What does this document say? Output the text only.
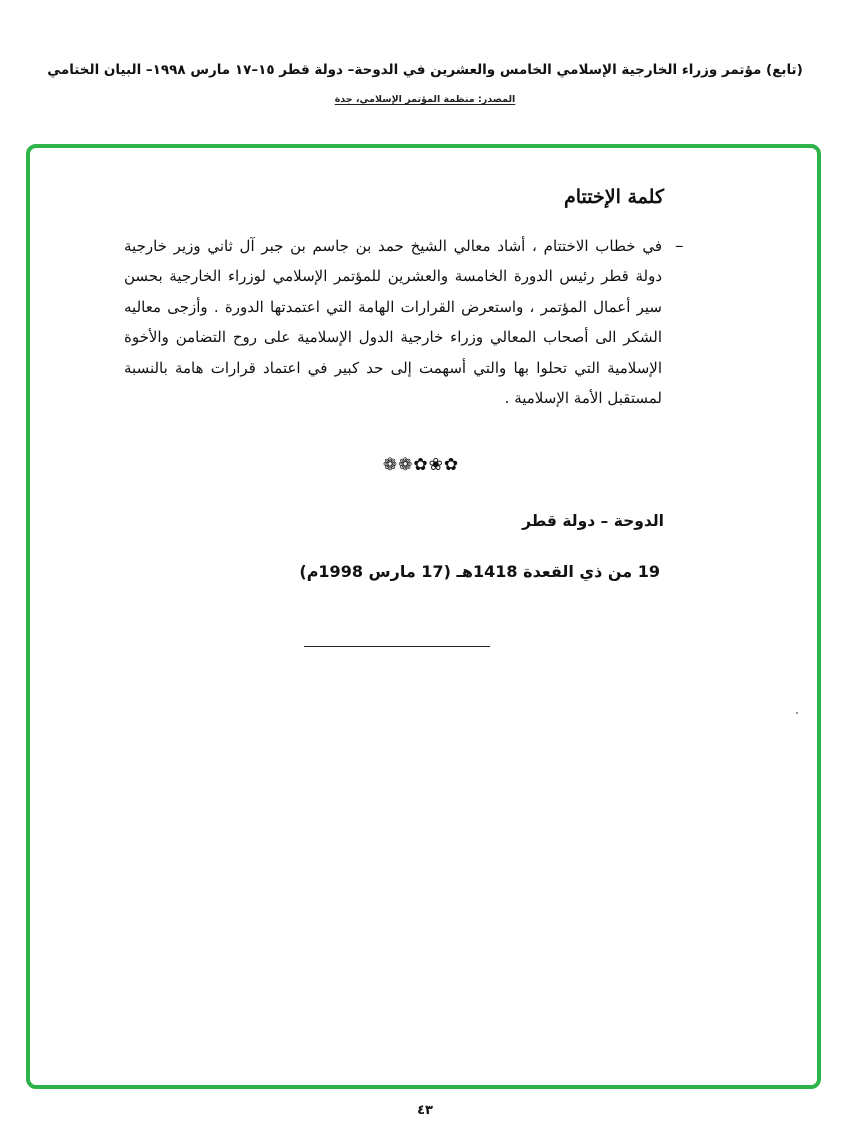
(تابع) مؤتمر وزراء الخارجية الإسلامي الخامس والعشرين في الدوحة– دولة قطر ١٥–١٧ مارس ١٩٩٨– البيان الختامي
المصدر: منظمة المؤتمر الإسلامي، جدة
كلمة الإختتام
–
في خطاب الاختتام ، أشاد معالي الشيخ حمد بن جاسم بن جبر آل ثاني وزير خارجية دولة قطر رئيس الدورة الخامسة والعشرين للمؤتمر الإسلامي لوزراء الخارجية بحسن سير أعمال المؤتمر ، واستعرض القرارات الهامة التي اعتمدتها الدورة . وأزجى معاليه الشكر الى أصحاب المعالي وزراء خارجية الدول الإسلامية على روح التضامن والأخوة الإسلامية التي تحلوا بها والتي أسهمت إلى حد كبير في اعتماد قرارات هامة بالنسبة لمستقبل الأمة الإسلامية .
❁❁✿❀✿
الدوحة – دولة قطر
19 من ذي القعدة 1418هـ (17 مارس 1998م)
٤٣
